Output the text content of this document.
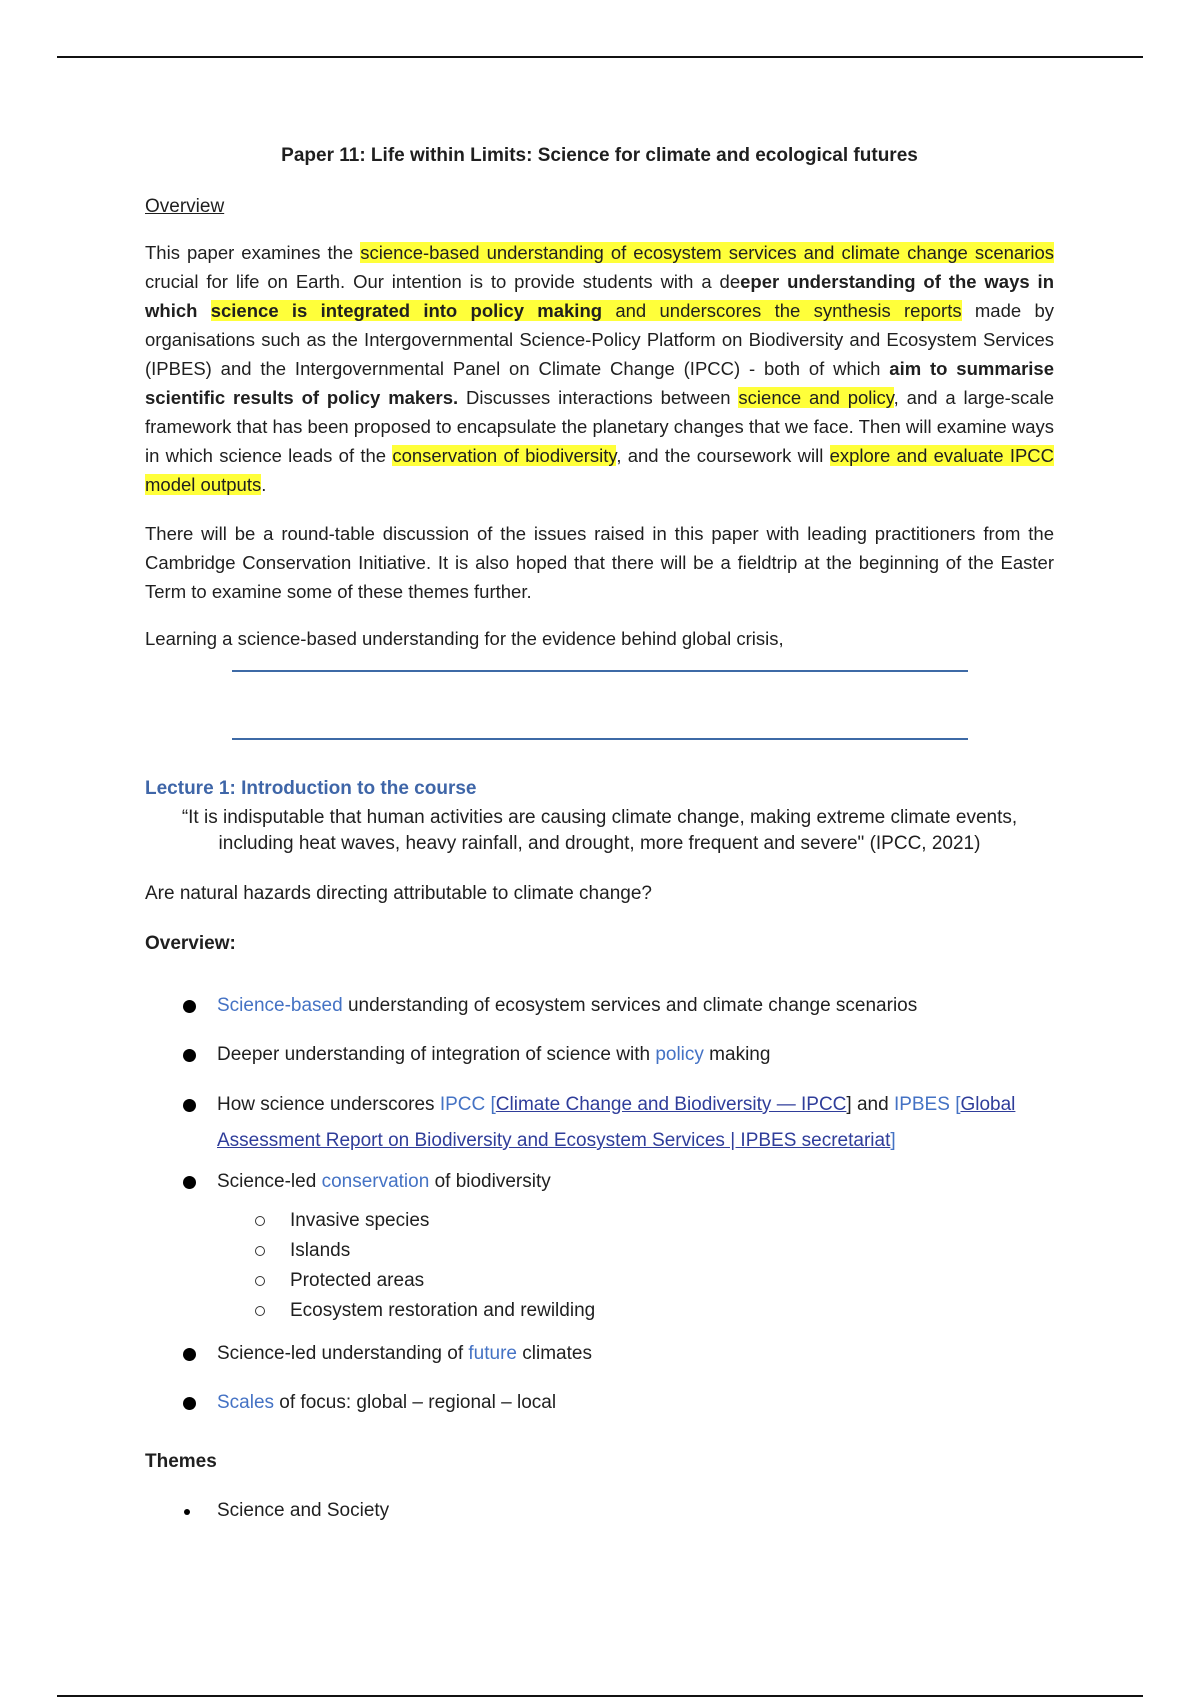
Paper 11: Life within Limits: Science for climate and ecological futures
Overview
This paper examines the science-based understanding of ecosystem services and climate change scenarios crucial for life on Earth. Our intention is to provide students with a deeper understanding of the ways in which science is integrated into policy making and underscores the synthesis reports made by organisations such as the Intergovernmental Science-Policy Platform on Biodiversity and Ecosystem Services (IPBES) and the Intergovernmental Panel on Climate Change (IPCC) - both of which aim to summarise scientific results of policy makers. Discusses interactions between science and policy, and a large-scale framework that has been proposed to encapsulate the planetary changes that we face. Then will examine ways in which science leads of the conservation of biodiversity, and the coursework will explore and evaluate IPCC model outputs.
There will be a round-table discussion of the issues raised in this paper with leading practitioners from the Cambridge Conservation Initiative. It is also hoped that there will be a fieldtrip at the beginning of the Easter Term to examine some of these themes further.
Learning a science-based understanding for the evidence behind global crisis,
Lecture 1: Introduction to the course
“It is indisputable that human activities are causing climate change, making extreme climate events,
including heat waves, heavy rainfall, and drought, more frequent and severe" (IPCC, 2021)
Are natural hazards directing attributable to climate change?
Overview:
Science-based understanding of ecosystem services and climate change scenarios
Deeper understanding of integration of science with policy making
How science underscores IPCC [Climate Change and Biodiversity — IPCC] and IPBES [Global Assessment Report on Biodiversity and Ecosystem Services | IPBES secretariat]
Science-led conservation of biodiversity
Invasive species
Islands
Protected areas
Ecosystem restoration and rewilding
Science-led understanding of future climates
Scales of focus: global – regional – local
Themes
Science and Society
